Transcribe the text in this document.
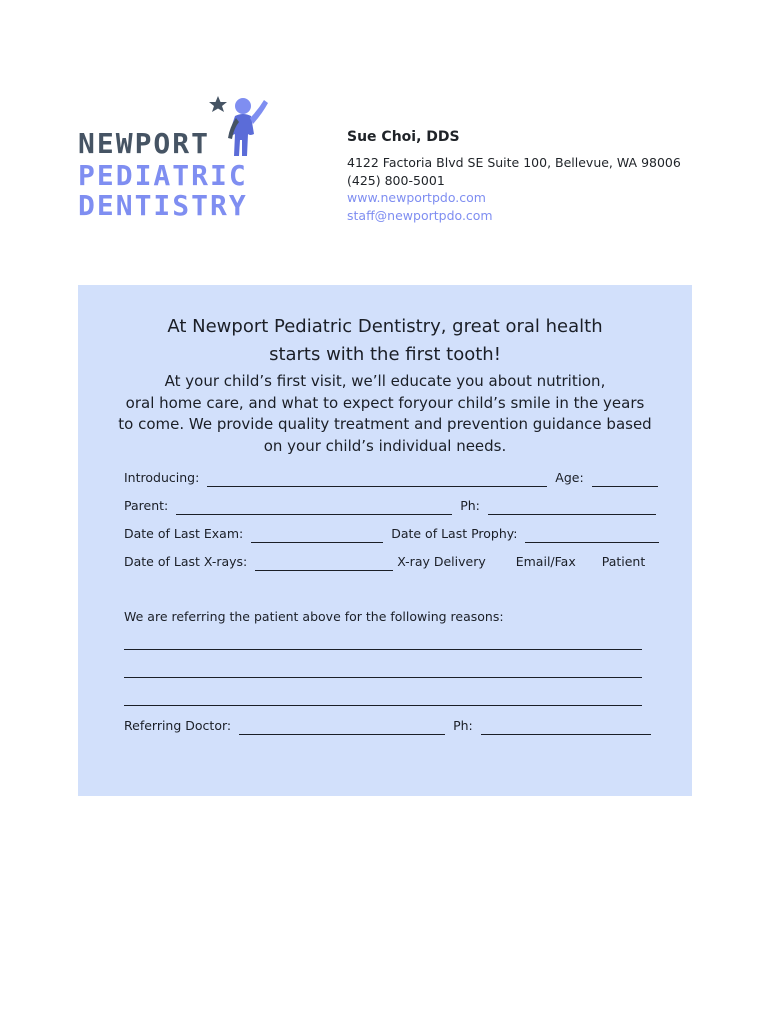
NEWPORT
PEDIATRIC
DENTISTRY
Sue Choi, DDS
4122 Factoria Blvd SE Suite 100, Bellevue, WA 98006
(425) 800-5001
www.newportpdo.com
staff@newportpdo.com
At Newport Pediatric Dentistry, great oral health
starts with the first tooth!
At your child’s first visit, we’ll educate you about nutrition,
oral home care, and what to expect foryour child’s smile in the years
to come. We provide quality treatment and prevention guidance based
on your child’s individual needs.
Introducing:	Age:
Parent:	Ph:
Date of Last Exam:	Date of Last Prophy:
Date of Last X-rays:	X-ray Delivery Email/Fax Patient
We are referring the patient above for the following reasons:
Referring Doctor:	Ph:
